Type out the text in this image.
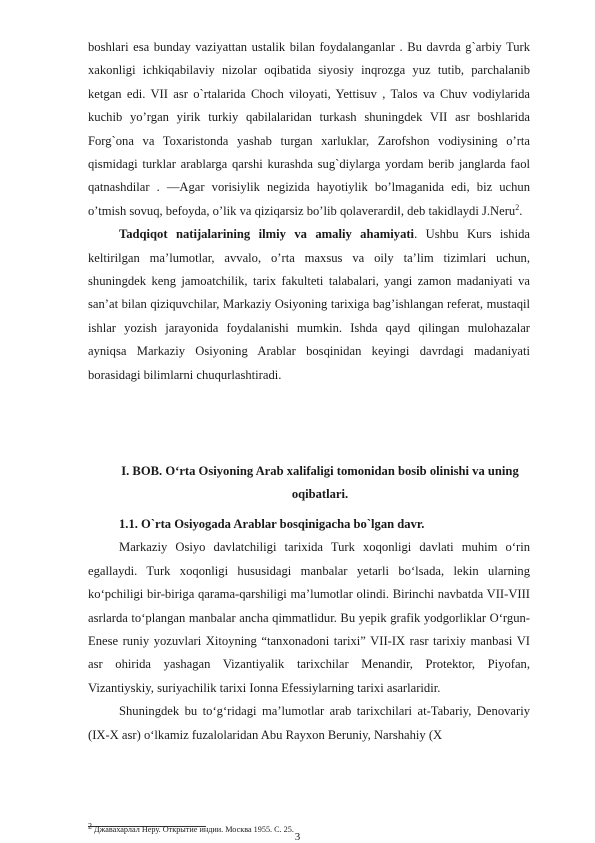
boshlari esa bunday vaziyattan ustalik bilan foydalanganlar . Bu davrda g`arbiy Turk xakonligi ichkiqabilaviy nizolar oqibatida siyosiy inqrozga yuz tutib, parchalanib ketgan edi. VII asr o`rtalarida Choch viloyati, Yettisuv , Talos va Chuv vodiylarida kuchib yo’rgan yirik turkiy qabilalaridan turkash shuningdek VII asr boshlarida Forg`ona va Toxaristonda yashab turgan xarluklar, Zarofshon vodiysining o’rta qismidagi turklar arablarga qarshi kurashda sug`diylarga yordam berib janglarda faol qatnashdilar . ―Agar vorisiylik negizida hayotiylik bo’lmaganida edi, biz uchun o’tmish sovuq, befoyda, o’lik va qiziqarsiz bo’lib qolaverardi‖, deb takidlaydi J.Neru$^2$.

Tadqiqot natijalarining ilmiy va amaliy ahamiyati. Ushbu Kurs ishida keltirilgan ma’lumotlar, avvalo, o’rta maxsus va oily ta’lim tizimlari uchun, shuningdek keng jamoatchilik, tarix fakulteti talabalari, yangi zamon madaniyati va san’at bilan qiziquvchilar, Markaziy Osiyoning tarixiga bag’ishlangan referat, mustaqil ishlar yozish jarayonida foydalanishi mumkin. Ishda qayd qilingan mulohazalar ayniqsa Markaziy Osiyoning Arablar bosqinidan keyingi davrdagi madaniyati borasidagi bilimlarni chuqurlashtiradi.

I. BOB. O‘rta Osiyoning Arab xalifaligi tomonidan bosib olinishi va uning oqibatlari.

1.1. O`rta Osiyogada Arablar bosqinigacha bo`lgan davr.

Markaziy Osiyo davlatchiligi tarixida Turk xoqonligi davlati muhim o‘rin egallaydi. Turk xoqonligi hususidagi manbalar yetarli bo‘lsada, lekin ularning ko‘pchiligi bir-biriga qarama-qarshiligi ma’lumotlar olindi. Birinchi navbatda VII-VIII asrlarda to‘plangan manbalar ancha qimmatlidur. Bu yepik grafik yodgorliklar O‘rgun-Enese runiy yozuvlari Xitoyning “tanxonadoni tarixi” VII-IX rasr tarixiy manbasi VI asr ohirida yashagan Vizantiyalik tarixchilar Menandir, Protektor, Piyofan, Vizantiyskiy, suriyachilik tarixi Ionna Efessiylarning tarixi asarlaridir.

Shuningdek bu to‘g‘ridagi ma’lumotlar arab tarixchilari at-Tabariy, Denovariy (IX-X asr) o‘lkamiz fuzalolaridan Abu Rayxon Beruniy, Narshahiy (X

$^2$ Джавахарлал Неру. Открытие индии. Москва 1955. С. 25.
3
